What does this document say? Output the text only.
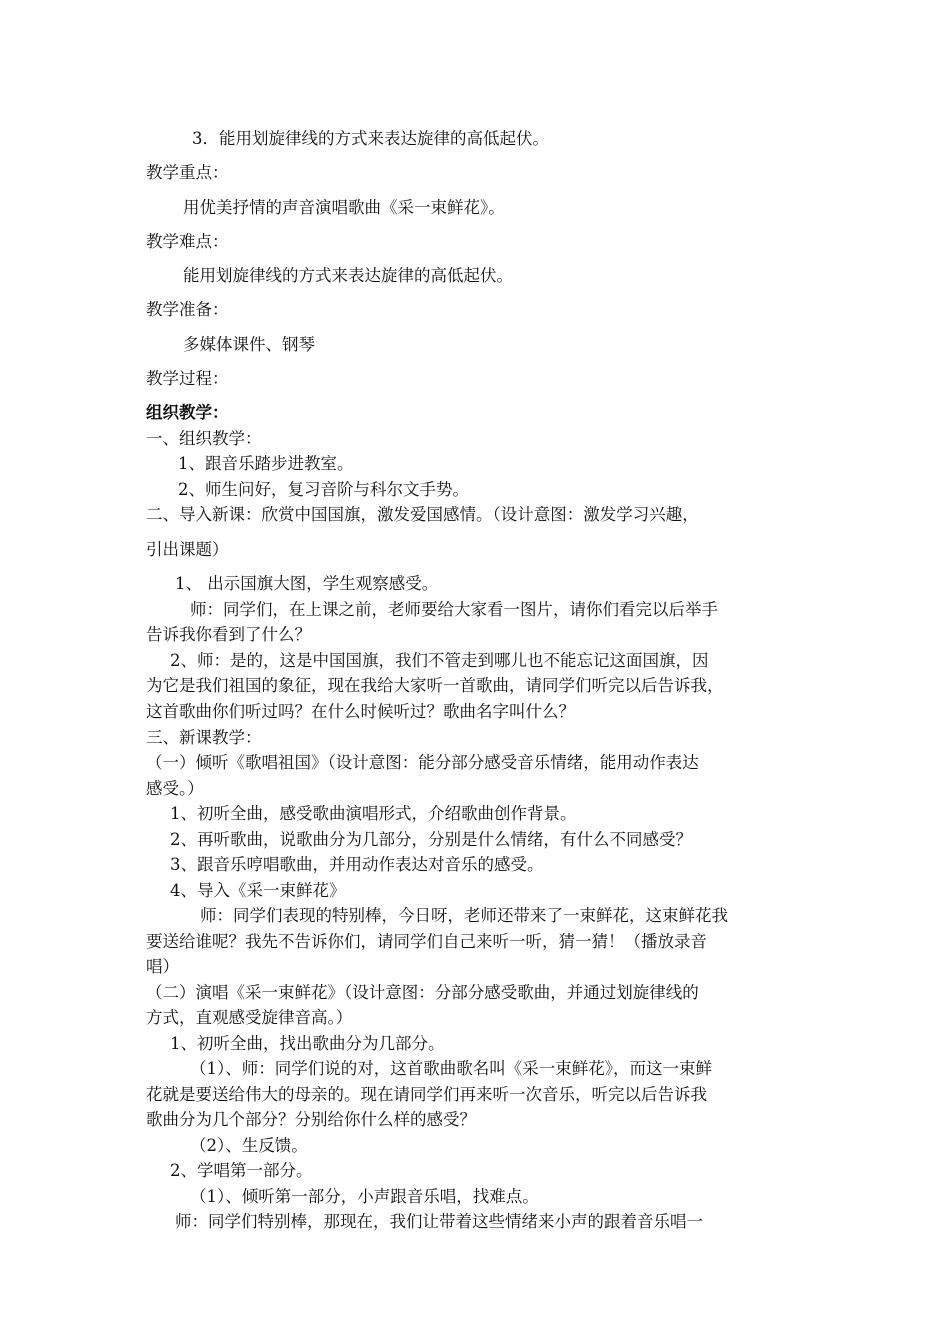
3．能用划旋律线的方式来表达旋律的高低起伏。
教学重点：
用优美抒情的声音演唱歌曲《采一束鲜花》。
教学难点：
能用划旋律线的方式来表达旋律的高低起伏。
教学准备：
多媒体课件、钢琴
教学过程：
组织教学：
一、组织教学：
1、跟音乐踏步进教室。
2、师生问好，复习音阶与科尔文手势。
二、导入新课：欣赏中国国旗，激发爱国感情。（设计意图：激发学习兴趣，
引出课题）
1、 出示国旗大图，学生观察感受。
师：同学们，在上课之前，老师要给大家看一图片，请你们看完以后举手
告诉我你看到了什么？
2、师：是的，这是中国国旗，我们不管走到哪儿也不能忘记这面国旗，因
为它是我们祖国的象征，现在我给大家听一首歌曲，请同学们听完以后告诉我，
这首歌曲你们听过吗？在什么时候听过？歌曲名字叫什么？
三、新课教学：
（一）倾听《歌唱祖国》（设计意图：能分部分感受音乐情绪，能用动作表达
感受。）
1、初听全曲，感受歌曲演唱形式，介绍歌曲创作背景。
2、再听歌曲，说歌曲分为几部分，分别是什么情绪，有什么不同感受？
3、跟音乐哼唱歌曲，并用动作表达对音乐的感受。
4、导入《采一束鲜花》
师：同学们表现的特别棒，今日呀，老师还带来了一束鲜花，这束鲜花我
要送给谁呢？我先不告诉你们，请同学们自己来听一听，猜一猜！（播放录音
唱）
（二）演唱《采一束鲜花》（设计意图：分部分感受歌曲，并通过划旋律线的
方式，直观感受旋律音高。）
1、初听全曲，找出歌曲分为几部分。
（1）、师：同学们说的对，这首歌曲歌名叫《采一束鲜花》，而这一束鲜
花就是要送给伟大的母亲的。现在请同学们再来听一次音乐，听完以后告诉我
歌曲分为几个部分？分别给你什么样的感受？
（2）、生反馈。
2、学唱第一部分。
（1）、倾听第一部分，小声跟音乐唱，找难点。
师：同学们特别棒，那现在，我们让带着这些情绪来小声的跟着音乐唱一
